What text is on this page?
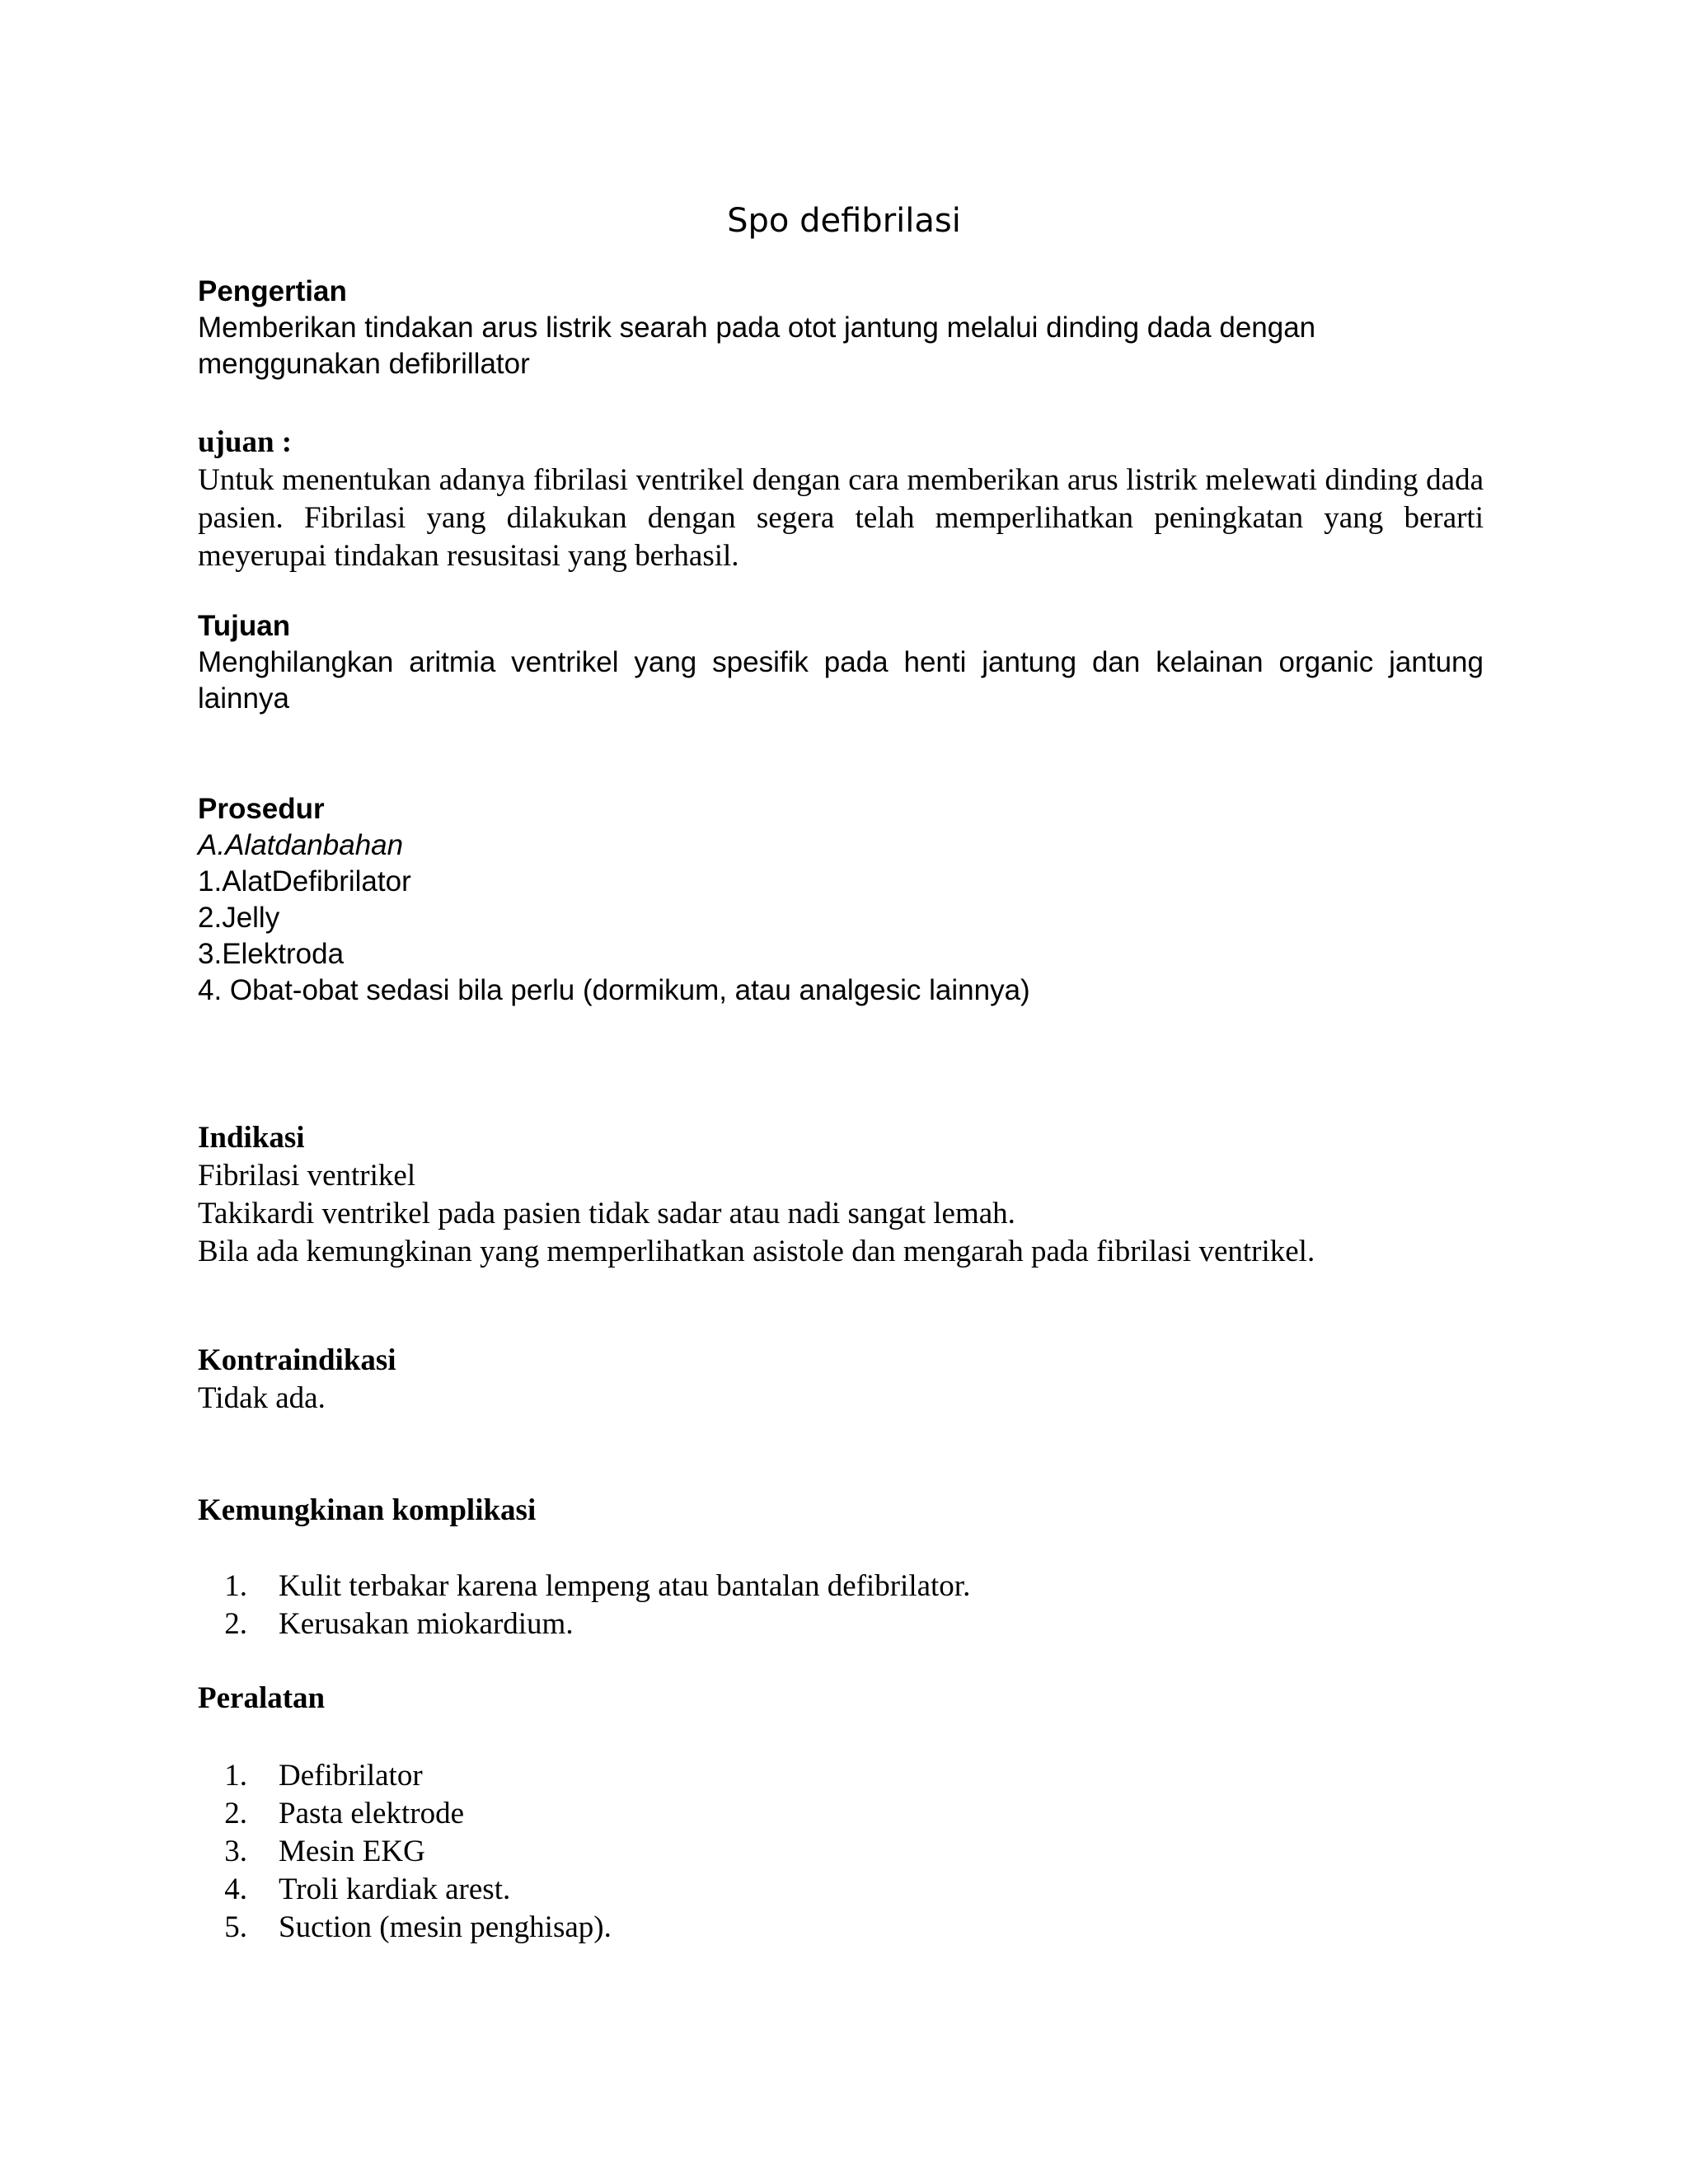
Spo defibrilasi
Pengertian
Memberikan tindakan arus listrik searah pada otot jantung melalui dinding dada dengan menggunakan defibrillator
ujuan :
Untuk menentukan adanya fibrilasi ventrikel dengan cara memberikan arus listrik melewati dinding dada pasien. Fibrilasi yang dilakukan dengan segera telah memperlihatkan peningkatan yang berarti meyerupai tindakan resusitasi yang berhasil.
Tujuan
Menghilangkan aritmia ventrikel yang spesifik pada henti jantung dan kelainan organic jantung lainnya
Prosedur
A.Alatdanbahan
1.AlatDefibrilator
2.Jelly
3.Elektroda
4. Obat-obat sedasi bila perlu (dormikum, atau analgesic lainnya)
Indikasi
Fibrilasi ventrikel
Takikardi ventrikel pada pasien tidak sadar atau nadi sangat lemah.
Bila ada kemungkinan yang memperlihatkan asistole dan mengarah pada fibrilasi ventrikel.
Kontraindikasi
Tidak ada.
Kemungkinan komplikasi
1. Kulit terbakar karena lempeng atau bantalan defibrilator.
2. Kerusakan miokardium.
Peralatan
1. Defibrilator
2. Pasta elektrode
3. Mesin EKG
4. Troli kardiak arest.
5. Suction (mesin penghisap).
